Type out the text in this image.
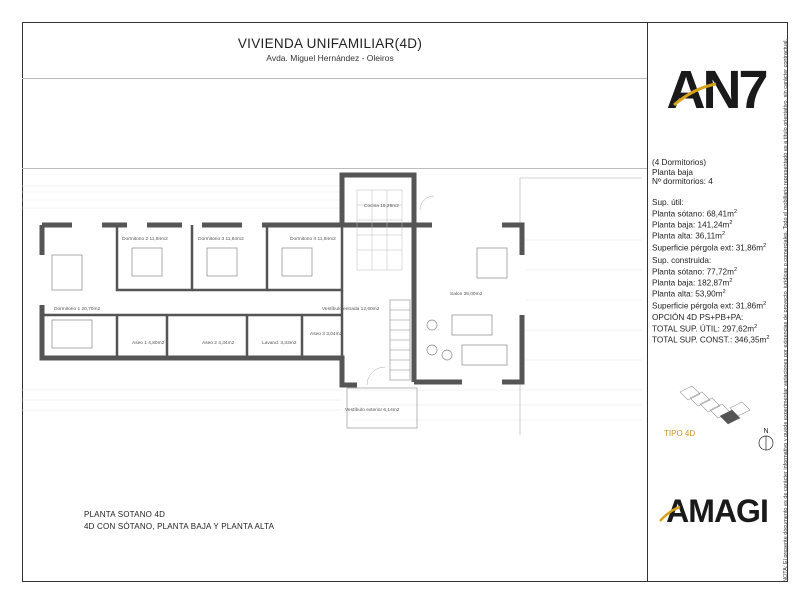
VIVIENDA UNIFAMILIAR(4D)
Avda. Miguel Hernández - Oleiros
Dormitorio 1 20,70m2
Dormitorio 2 11,84m2	Dormitorio 3 11,84m2	Dormitorio 4 11,84m2
Cocina 15,26m2
Vestíbulo entrada 12,60m2
Salon 35,00m2
Aseo 1 4,80m2	Aseo 2 4,34m2	Lavand. 3,33m2
Aseo 3 3,04m2
Vestíbulo exterior 6,14m2
AN7
(4 Dormitorios)
Planta baja
Nº dormitorios: 4
Sup. útil:
Planta sótano: $68,41m^2$
Planta baja: $141,24m^2$
Planta alta: $36,11m^2$
Superficie pérgola ext: $31,86m^2$
Sup. construida:
Planta sótano: $77,72m^2$
Planta baja: $182,87m^2$
Planta alta: $53,90m^2$
Superficie pérgola ext: $31,86m^2$
OPCIÓN 4D PS+PB+PA:
TOTAL SUP. ÚTIL: $297,62m^2$
TOTAL SUP. CONST.: $346,35m^2$
TIPO 4D	N
AMAGI
PLANTA SOTANO 4D
4D CON SÓTANO, PLANTA BAJA Y PLANTA ALTA	NOTA: El presente documento es de carácter informativo y puede experimentar variaciones por exigencias de proyecto, jurídicas o comerciales. Todo el mobiliario representado es a título orientativo, sin carácter contractual.
